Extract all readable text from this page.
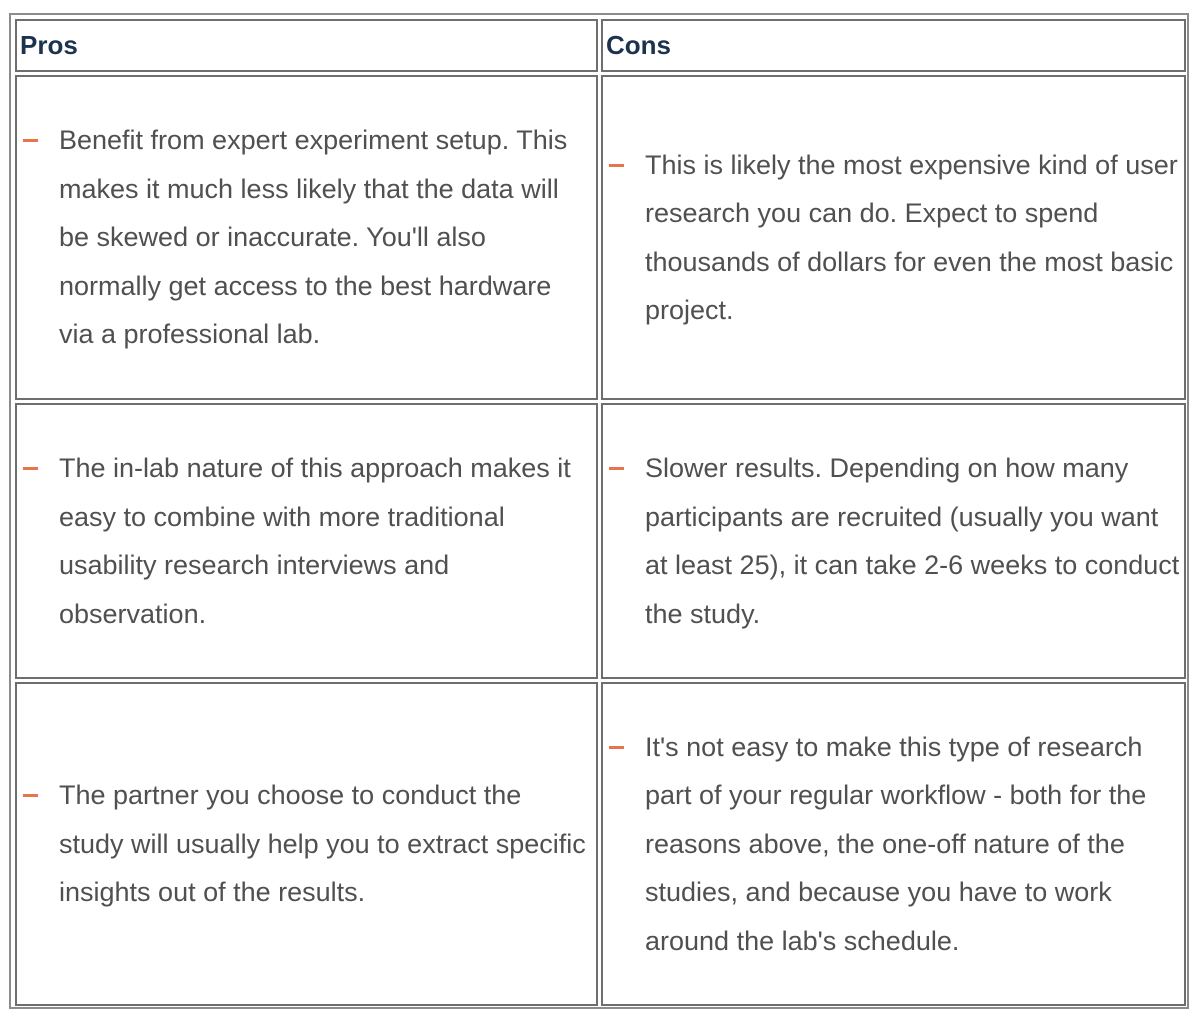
Pros	Cons
Benefit from expert experiment setup. This makes it much less likely that the data will be skewed or inaccurate. You'll also normally get access to the best hardware via a professional lab.
This is likely the most expensive kind of user research you can do. Expect to spend thousands of dollars for even the most basic project.
The in-lab nature of this approach makes it easy to combine with more traditional usability research interviews and observation.
Slower results. Depending on how many participants are recruited (usually you want at least 25), it can take 2-6 weeks to conduct the study.
The partner you choose to conduct the study will usually help you to extract specific insights out of the results.
It's not easy to make this type of research part of your regular workflow - both for the reasons above, the one-off nature of the studies, and because you have to work around the lab's schedule.
